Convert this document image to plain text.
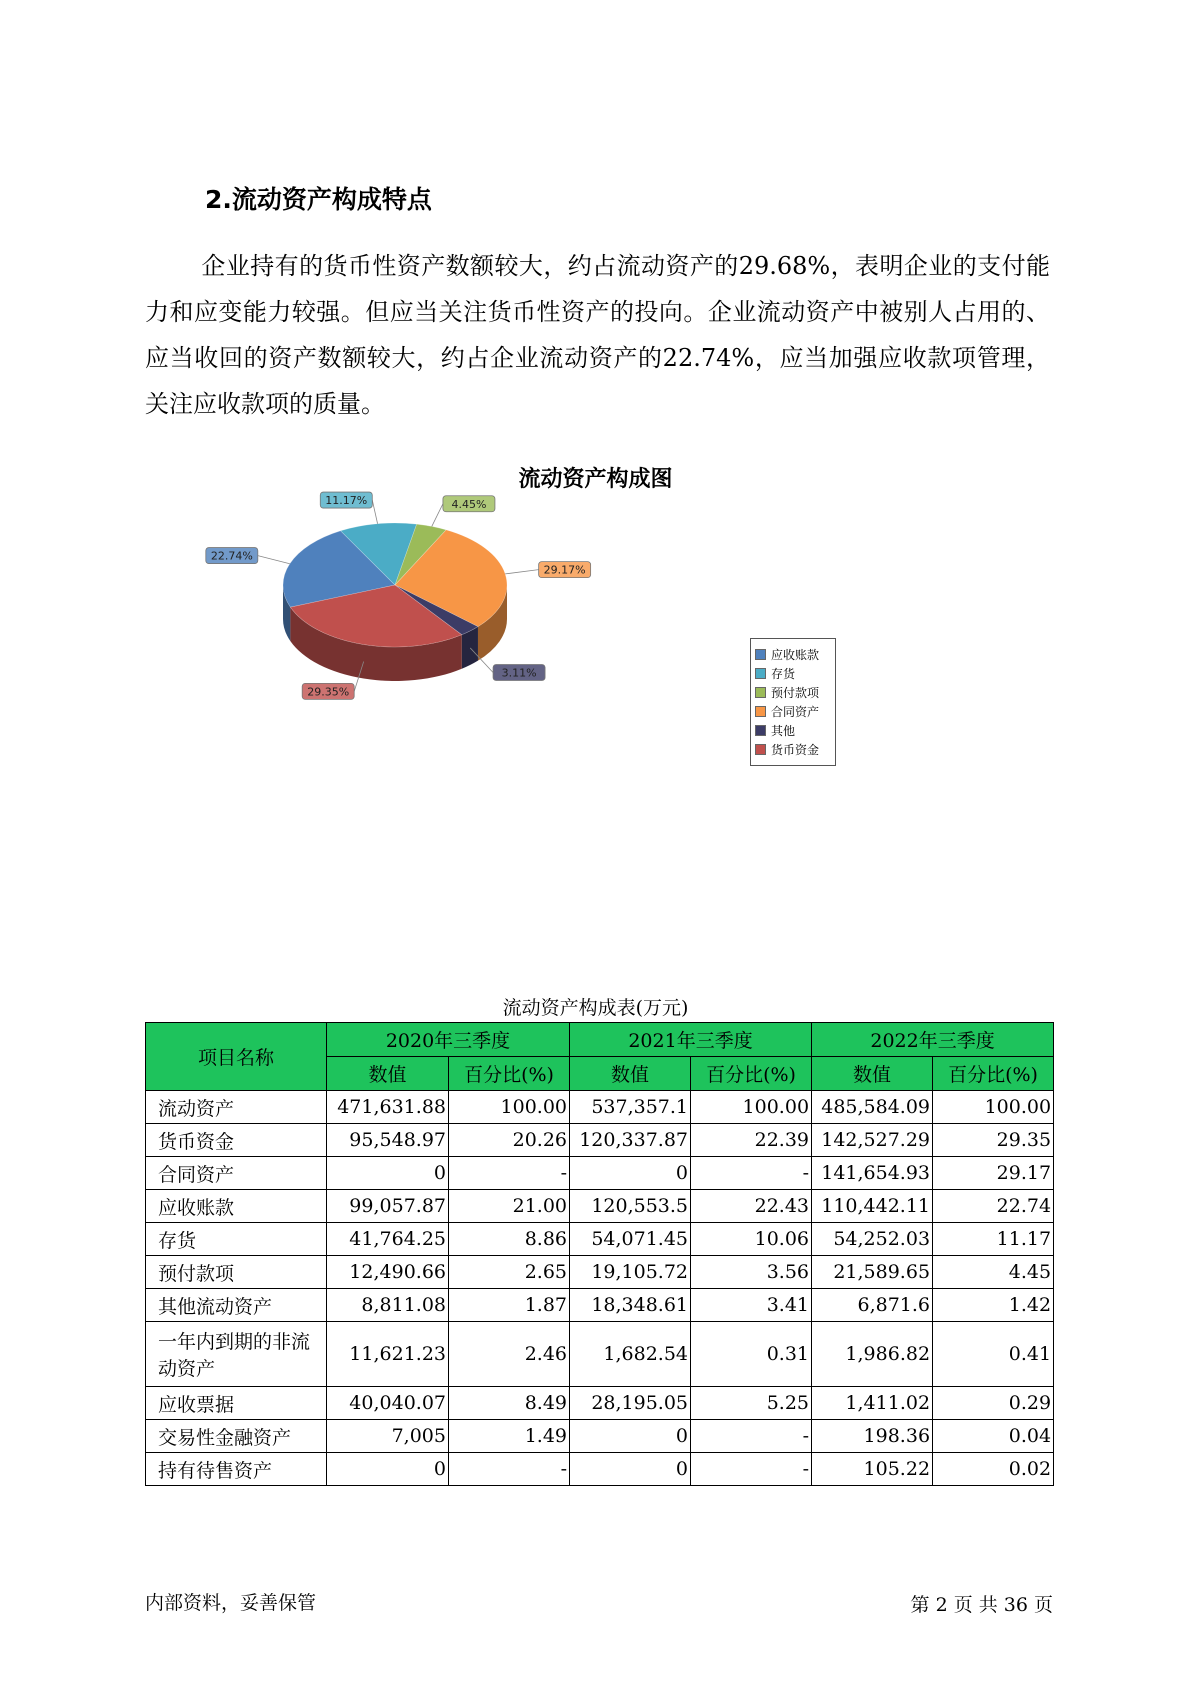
2.流动资产构成特点

企业持有的货币性资产数额较大，约占流动资产的29.68%，表明企业的支付能力和应变能力较强。但应当关注货币性资产的投向。企业流动资产中被别人占用的、应当收回的资产数额较大，约占企业流动资产的22.74%，应当加强应收款项管理，关注应收款项的质量。

流动资产构成图
22.74%
11.17%	4.45%
29.17%
3.11%
29.35%
应收账款
存货
预付款项
合同资产
其他
货币资金
流动资产构成表(万元)
项目名称	2020年三季度		2021年三季度		2022年三季度	
	数值	百分比(%)	数值	百分比(%)	数值	百分比(%)
流动资产	471,631.88	100.00	537,357.1	100.00	485,584.09	100.00
货币资金	95,548.97	20.26	120,337.87	22.39	142,527.29	29.35
合同资产	0	-	0	-	141,654.93	29.17
应收账款	99,057.87	21.00	120,553.5	22.43	110,442.11	22.74
存货	41,764.25	8.86	54,071.45	10.06	54,252.03	11.17
预付款项	12,490.66	2.65	19,105.72	3.56	21,589.65	4.45
其他流动资产	8,811.08	1.87	18,348.61	3.41	6,871.6	1.42
一年内到期的非流动资产	11,621.23	2.46	1,682.54	0.31	1,986.82	0.41
应收票据	40,040.07	8.49	28,195.05	5.25	1,411.02	0.29
交易性金融资产	7,005	1.49	0	-	198.36	0.04
持有待售资产	0	-	0	-	105.22	0.02
内部资料，妥善保管	第 2 页 共 36 页
